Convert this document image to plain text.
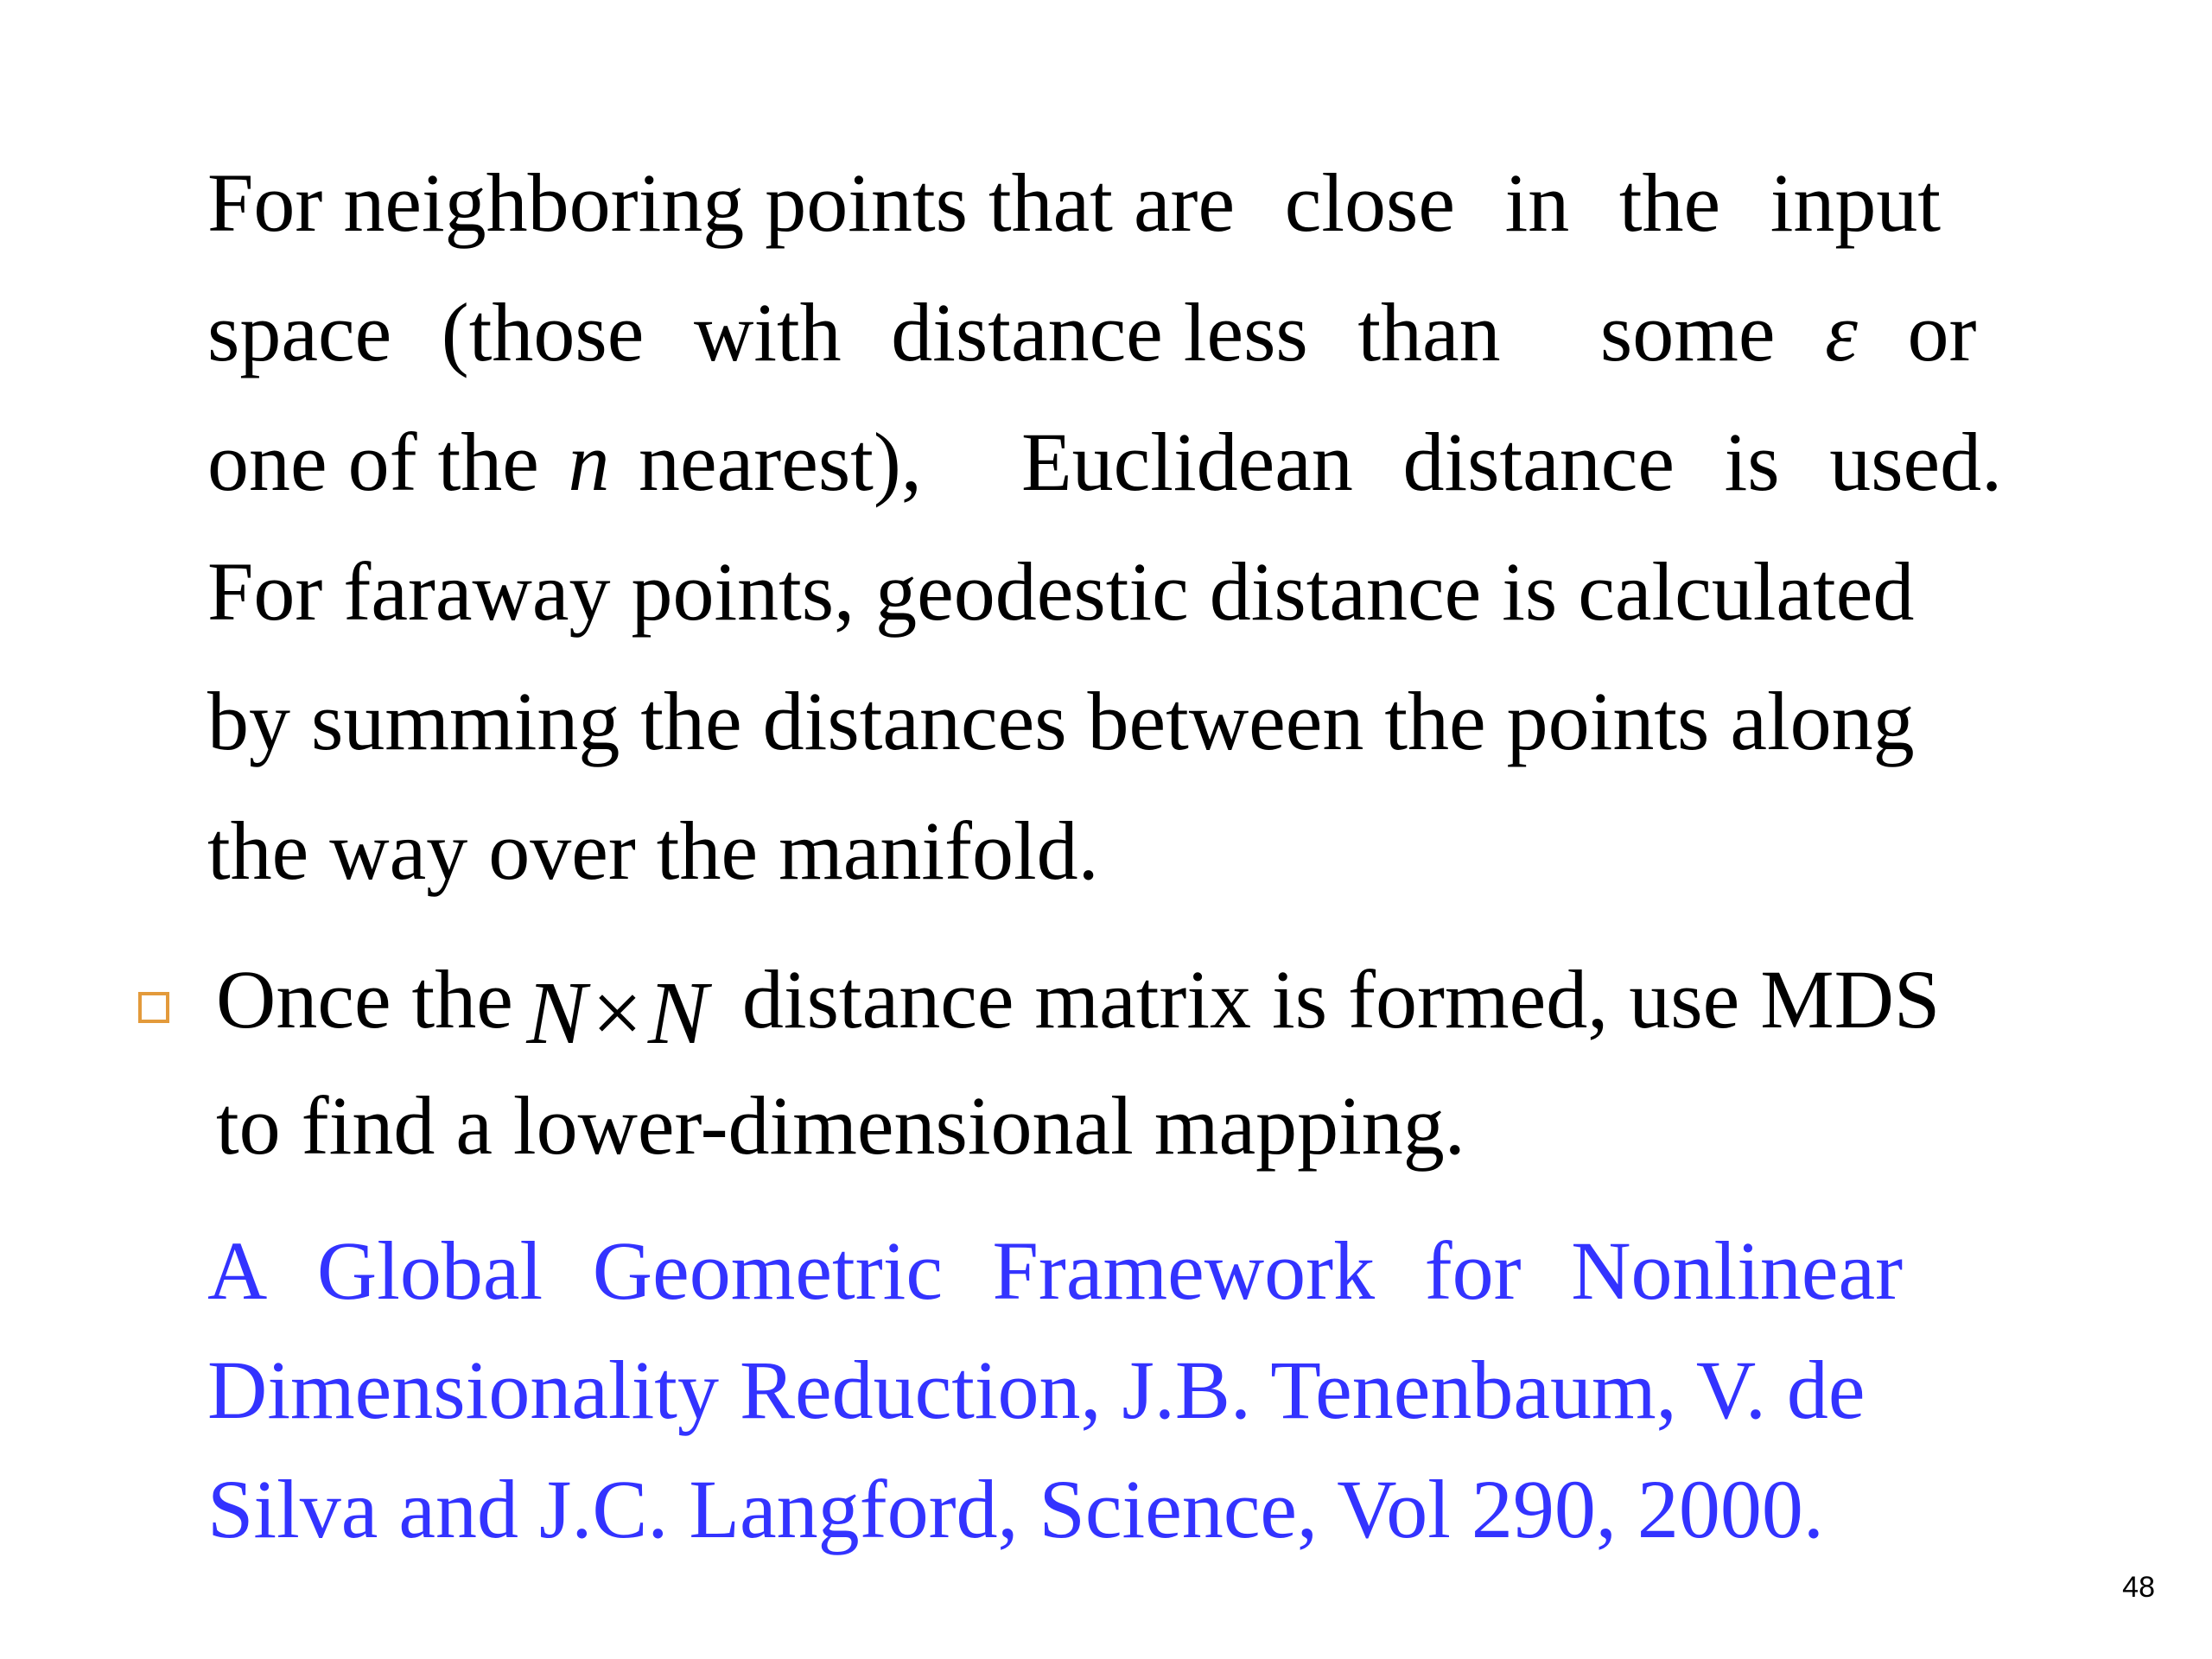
For neighboring points that are close in the input
space (those with distance less than some ε or
one of the n nearest), Euclidean distance is used.
For faraway points, geodestic distance is calculated
by summing the distances between the points along
the way over the manifold.
Once the N×N distance matrix is formed, use MDS
to find a lower-dimensional mapping.
A Global Geometric Framework for Nonlinear
Dimensionality Reduction, J.B. Tenenbaum, V. de
Silva and J.C. Langford, Science, Vol 290, 2000.
48
